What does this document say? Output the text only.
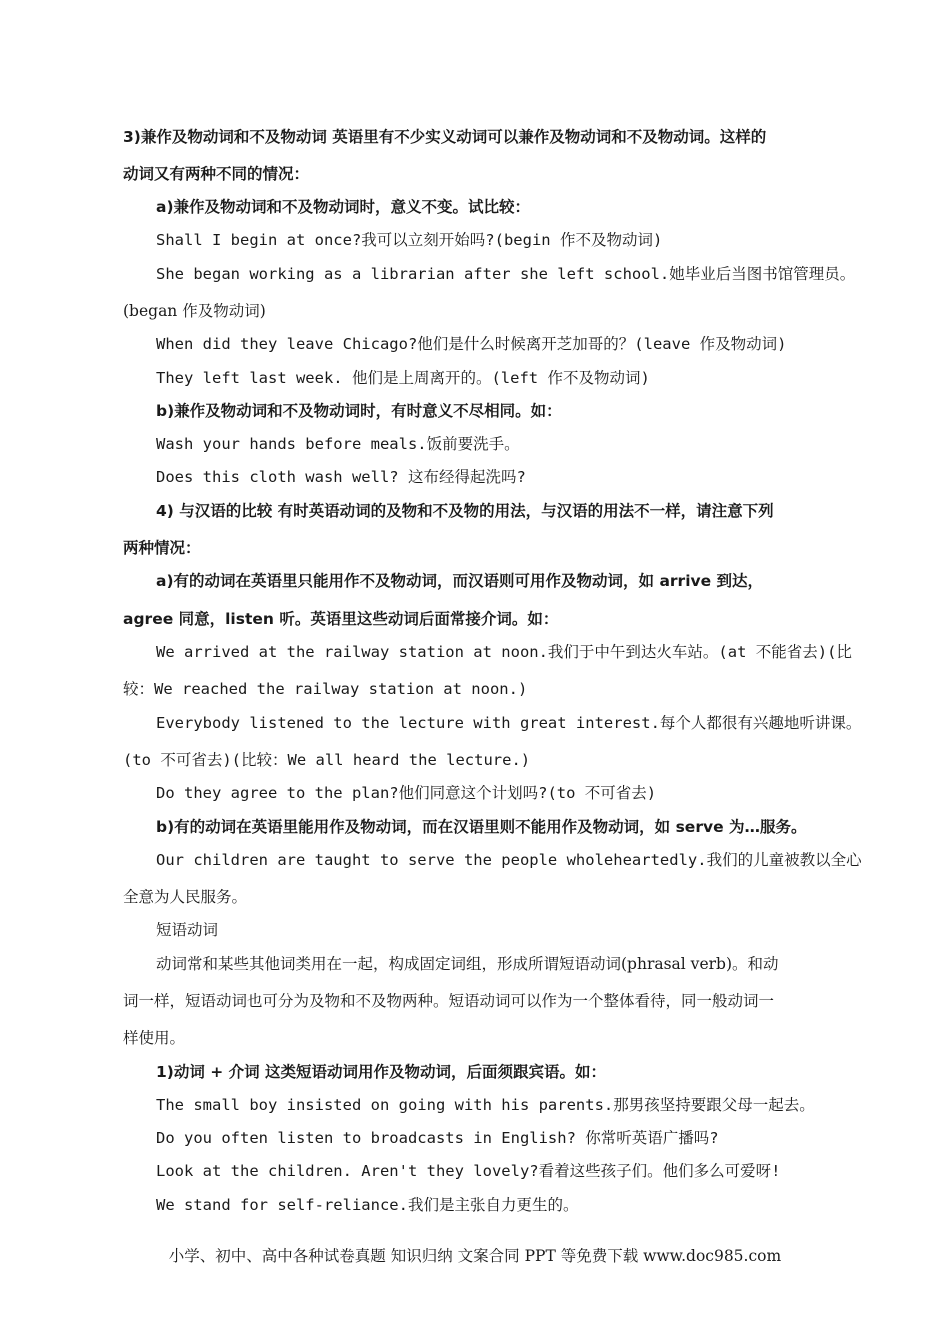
3)兼作及物动词和不及物动词 英语里有不少实义动词可以兼作及物动词和不及物动词。这样的
动词又有两种不同的情况：
a)兼作及物动词和不及物动词时，意义不变。试比较：
Shall I begin at once?我可以立刻开始吗?(begin 作不及物动词)
She began working as a librarian after she left school.她毕业后当图书馆管理员。
(began 作及物动词)
When did they leave Chicago?他们是什么时候离开芝加哥的？(leave 作及物动词)
They left last week. 他们是上周离开的。(left 作不及物动词)
b)兼作及物动词和不及物动词时，有时意义不尽相同。如：
Wash your hands before meals.饭前要洗手。
Does this cloth wash well? 这布经得起洗吗?
4) 与汉语的比较 有时英语动词的及物和不及物的用法，与汉语的用法不一样，请注意下列
两种情况：
a)有的动词在英语里只能用作不及物动词，而汉语则可用作及物动词，如 arrive 到达，
agree 同意，listen 听。英语里这些动词后面常接介词。如：
We arrived at the railway station at noon.我们于中午到达火车站。(at 不能省去)(比
较：We reached the railway station at noon.)
Everybody listened to the lecture with great interest.每个人都很有兴趣地听讲课。
(to 不可省去)(比较：We all heard the lecture.)
Do they agree to the plan?他们同意这个计划吗?(to 不可省去)
b)有的动词在英语里能用作及物动词，而在汉语里则不能用作及物动词，如 serve 为…服务。
Our children are taught to serve the people wholeheartedly.我们的儿童被教以全心
全意为人民服务。
短语动词
动词常和某些其他词类用在一起，构成固定词组，形成所谓短语动词(phrasal verb)。和动
词一样，短语动词也可分为及物和不及物两种。短语动词可以作为一个整体看待，同一般动词一
样使用。
1)动词 + 介词 这类短语动词用作及物动词，后面须跟宾语。如：
The small boy insisted on going with his parents.那男孩坚持要跟父母一起去。
Do you often listen to broadcasts in English? 你常听英语广播吗?
Look at the children. Aren't they lovely?看着这些孩子们。他们多么可爱呀!
We stand for self-reliance.我们是主张自力更生的。
小学、初中、高中各种试卷真题 知识归纳 文案合同 PPT 等免费下载 www.doc985.com
